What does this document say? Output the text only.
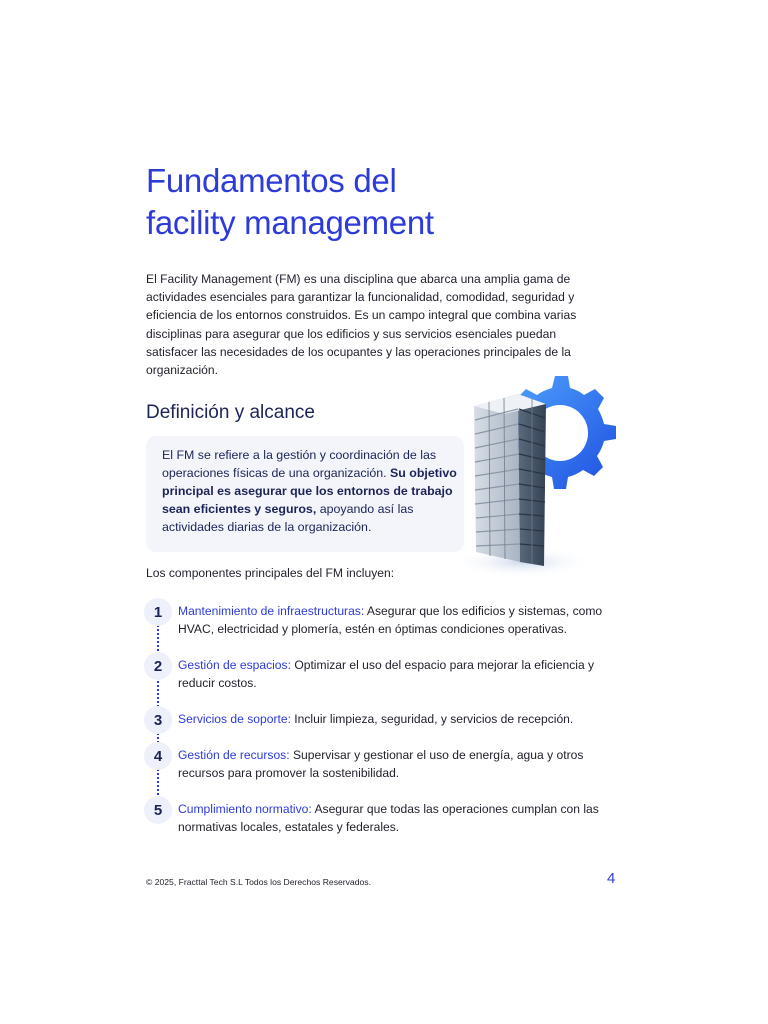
Fundamentos del
facility management

El Facility Management (FM) es una disciplina que abarca una amplia gama de actividades esenciales para garantizar la funcionalidad, comodidad, seguridad y eficiencia de los entornos construidos. Es un campo integral que combina varias disciplinas para asegurar que los edificios y sus servicios esenciales puedan satisfacer las necesidades de los ocupantes y las operaciones principales de la organización.

Definición y alcance

El FM se refiere a la gestión y coordinación de las operaciones físicas de una organización. Su objetivo principal es asegurar que los entornos de trabajo sean eficientes y seguros, apoyando así las actividades diarias de la organización.

Los componentes principales del FM incluyen:

1	Mantenimiento de infraestructuras: Asegurar que los edificios y sistemas, como HVAC, electricidad y plomería, estén en óptimas condiciones operativas.

2	Gestión de espacios: Optimizar el uso del espacio para mejorar la eficiencia y reducir costos.

3	Servicios de soporte: Incluir limpieza, seguridad, y servicios de recepción.

4	Gestión de recursos: Supervisar y gestionar el uso de energía, agua y otros recursos para promover la sostenibilidad.

5	Cumplimiento normativo: Asegurar que todas las operaciones cumplan con las normativas locales, estatales y federales.

© 2025, Fracttal Tech S.L Todos los Derechos Reservados.	4
